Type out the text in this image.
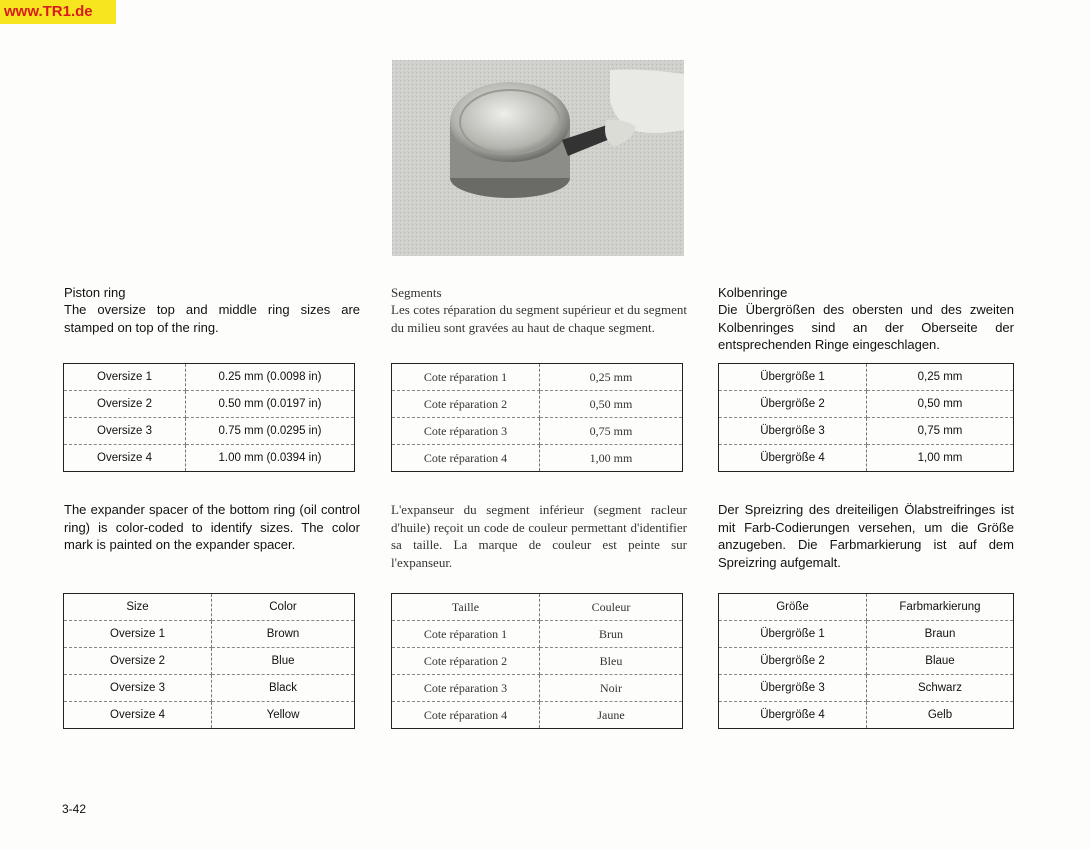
www.TR1.de
Piston ring

The oversize top and middle ring sizes are stamped on top of the ring.

Oversize 1	0.25 mm (0.0098 in)
Oversize 2	0.50 mm (0.0197 in)
Oversize 3	0.75 mm (0.0295 in)
Oversize 4	1.00 mm (0.0394 in)

The expander spacer of the bottom ring (oil control ring) is color-coded to identify sizes. The color mark is painted on the expander spacer.

Size	Color
Oversize 1	Brown
Oversize 2	Blue
Oversize 3	Black
Oversize 4	Yellow
Segments

Les cotes réparation du segment supérieur et du segment du milieu sont gravées au haut de chaque segment.

Cote réparation 1	0,25 mm
Cote réparation 2	0,50 mm
Cote réparation 3	0,75 mm
Cote réparation 4	1,00 mm

L'expanseur du segment inférieur (segment racleur d'huile) reçoit un code de couleur permettant d'identifier sa taille. La marque de couleur est peinte sur l'expanseur.

Taille	Couleur
Cote réparation 1	Brun
Cote réparation 2	Bleu
Cote réparation 3	Noir
Cote réparation 4	Jaune
Kolbenringe

Die Übergrößen des obersten und des zweiten Kolbenringes sind an der Oberseite der entsprechenden Ringe eingeschlagen.

Übergröße 1	0,25 mm
Übergröße 2	0,50 mm
Übergröße 3	0,75 mm
Übergröße 4	1,00 mm

Der Spreizring des dreiteiligen Ölabstreifringes ist mit Farb-Codierungen versehen, um die Größe anzugeben. Die Farbmarkierung ist auf dem Spreizring aufgemalt.

Größe	Farbmarkierung
Übergröße 1	Braun
Übergröße 2	Blaue
Übergröße 3	Schwarz
Übergröße 4	Gelb
3-42
